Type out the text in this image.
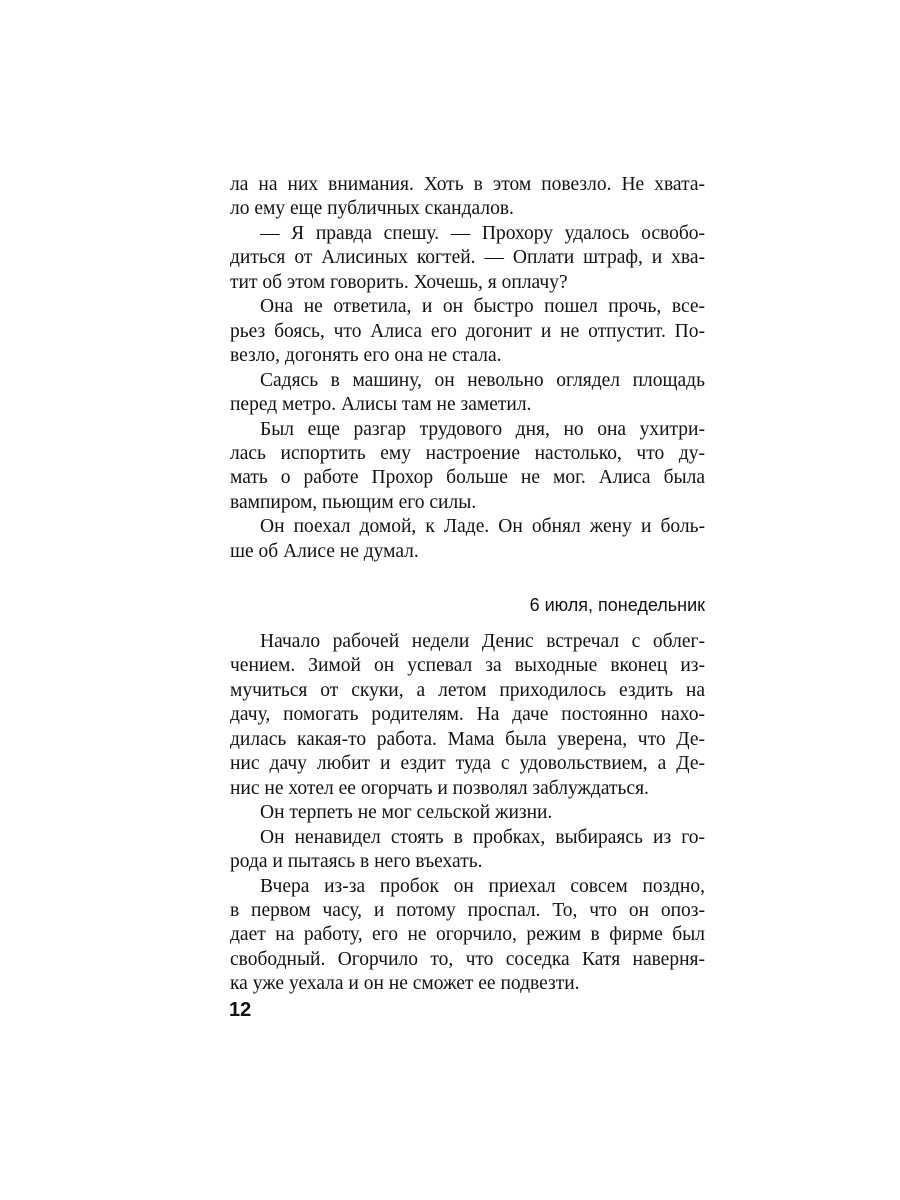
ла на них внимания. Хоть в этом повезло. Не хвата-
ло ему еще публичных скандалов.
— Я правда спешу. — Прохору удалось освобо-
диться от Алисиных когтей. — Оплати штраф, и хва-
тит об этом говорить. Хочешь, я оплачу?
Она не ответила, и он быстро пошел прочь, все-
рьез боясь, что Алиса его догонит и не отпустит. По-
везло, догонять его она не стала.
Садясь в машину, он невольно оглядел площадь
перед метро. Алисы там не заметил.
Был еще разгар трудового дня, но она ухитри-
лась испортить ему настроение настолько, что ду-
мать о работе Прохор больше не мог. Алиса была
вампиром, пьющим его силы.
Он поехал домой, к Ладе. Он обнял жену и боль-
ше об Алисе не думал.
6 июля, понедельник
Начало рабочей недели Денис встречал с облег-
чением. Зимой он успевал за выходные вконец из-
мучиться от скуки, а летом приходилось ездить на
дачу, помогать родителям. На даче постоянно нахо-
дилась какая-то работа. Мама была уверена, что Де-
нис дачу любит и ездит туда с удовольствием, а Де-
нис не хотел ее огорчать и позволял заблуждаться.
Он терпеть не мог сельской жизни.
Он ненавидел стоять в пробках, выбираясь из го-
рода и пытаясь в него въехать.
Вчера из-за пробок он приехал совсем поздно,
в первом часу, и потому проспал. То, что он опоз-
дает на работу, его не огорчило, режим в фирме был
свободный. Огорчило то, что соседка Катя наверня-
ка уже уехала и он не сможет ее подвезти.
12
